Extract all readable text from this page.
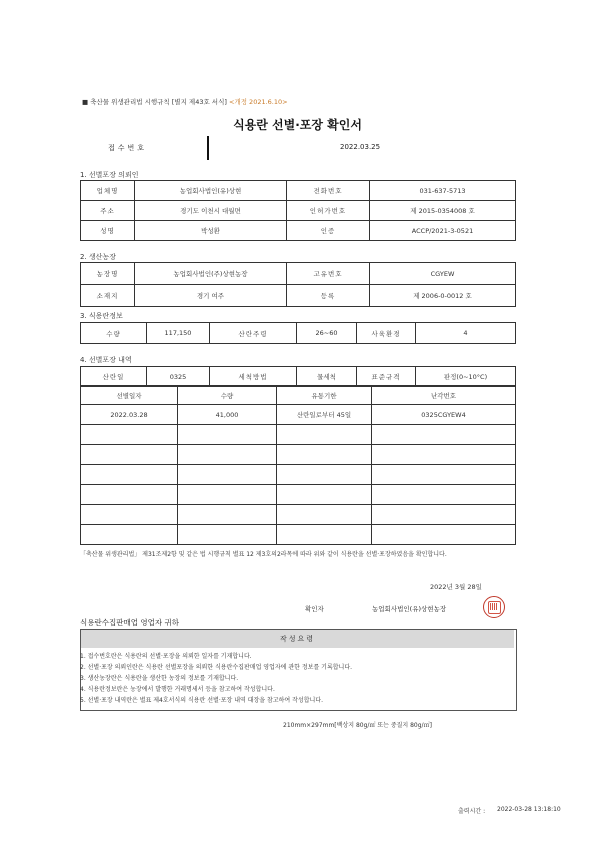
■ 축산물 위생관리법 시행규칙 [별지 제43호 서식] <개정 2021.6.10>
식용란 선별·포장 확인서
접수번호	2022.03.25
1. 선별포장 의뢰인
업체명	농업회사법인(유)상현	전화번호	031-637-5713
주소	경기도 이천시 대월면	인허가번호	제 2015-0354008 호
성명	박성환	인증	ACCP/2021-3-0521
2. 생산농장
농장명	농업회사법인(주)상현농장	고유번호	CGYEW
소재지	경기 여주	등록	제 2006-0-0012 호
3. 식용란정보
수량	117,150	산란주령	26~60	사육환경	4
4. 선별포장 내역
산란일	0325	세척방법	물세척	표준규격	판정(0~10°C)
선별일자	수량	유통기한	난각번호
2022.03.28	41,000	산란일로부터 45일	0325CGYEW4

「축산물 위생관리법」 제31조제2항 및 같은 법 시행규칙 별표 12 제3호의2라목에 따라 위와 같이 식용란을 선별·포장하였음을 확인합니다.
2022년 3월 28일
확인자	농업회사법인(유)상현농장
식용란수집판매업 영업자 귀하
작성요령
1. 접수번호란은 식용란의 선별·포장을 의뢰한 일자를 기재합니다.
2. 선별·포장 의뢰인란은 식용란 선별포장을 의뢰한 식용란수집판매업 영업자에 관한 정보를 기록합니다.
3. 생산농장란은 식용란을 생산한 농장의 정보를 기재합니다.
4. 식용란정보란은 농장에서 발행한 거래명세서 등을 참고하여 작성합니다.
5. 선별·포장 내역란은 별표 제4호서식의 식용란 선별·포장 내역 대장을 참고하여 작성합니다.
210mm×297mm[백상지 80g/㎡ 또는 중질지 80g/㎡]
출력시간 : 2022-03-28 13:18:10
